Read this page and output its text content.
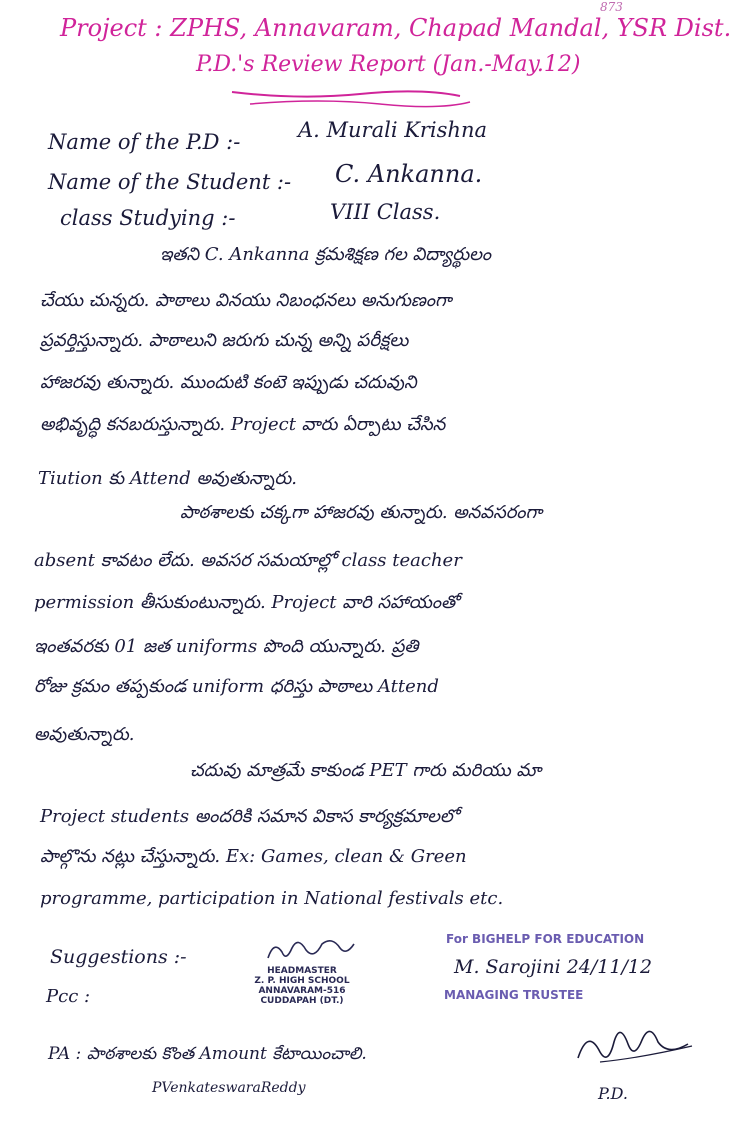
873
Project : ZPHS, Annavaram, Chapad Mandal, YSR Dist.
P.D.'s Review Report (Jan.-May.12)
Name of the P.D :-	A. Murali Krishna
Name of the Student :- C. Ankanna.
class Studying :-	VIII Class.
ఇతని C. Ankanna క్రమశిక్షణ గల విద్యార్థులం
చేయు చున్నరు. పాఠాలు వినయు నిబంధనలు అనుగుణంగా
ప్రవర్తిస్తున్నారు. పాఠాలుని జరుగు చున్న అన్ని పరీక్షలు
హాజరవు తున్నారు. ముందుటి కంటె ఇప్పుడు చదువుని
అభివృద్ధి కనబరుస్తున్నారు. Project వారు ఏర్పాటు చేసిన
Tiution కు Attend అవుతున్నారు.
పాఠశాలకు చక్కగా హాజరవు తున్నారు. అనవసరంగా
absent కావటం లేదు. అవసర సమయాల్లో class teacher
permission తీసుకుంటున్నారు. Project వారి సహాయంతో
ఇంతవరకు 01 జత uniforms పొంది యున్నారు. ప్రతి
రోజు క్రమం తప్పకుండ uniform ధరిస్తు పాఠాలు Attend
అవుతున్నారు.
చదువు మాత్రమే కాకుండ PET గారు మరియు మా
Project students అందరికి సమాన వికాస కార్యక్రమాలలో
పాల్గొను నట్లు చేస్తున్నారు. Ex: Games, clean & Green
programme, participation in National festivals etc.
Suggestions :-
Pcc :
HEADMASTER
Z. P. HIGH SCHOOL
ANNAVARAM-516
CUDDAPAH (DT.)
For BIGHELP FOR EDUCATION
M. Sarojini 24/11/12
MANAGING TRUSTEE
PA : పాఠశాలకు కొంత Amount కేటాయించాలి.
PVenkateswaraReddy	P.D.
